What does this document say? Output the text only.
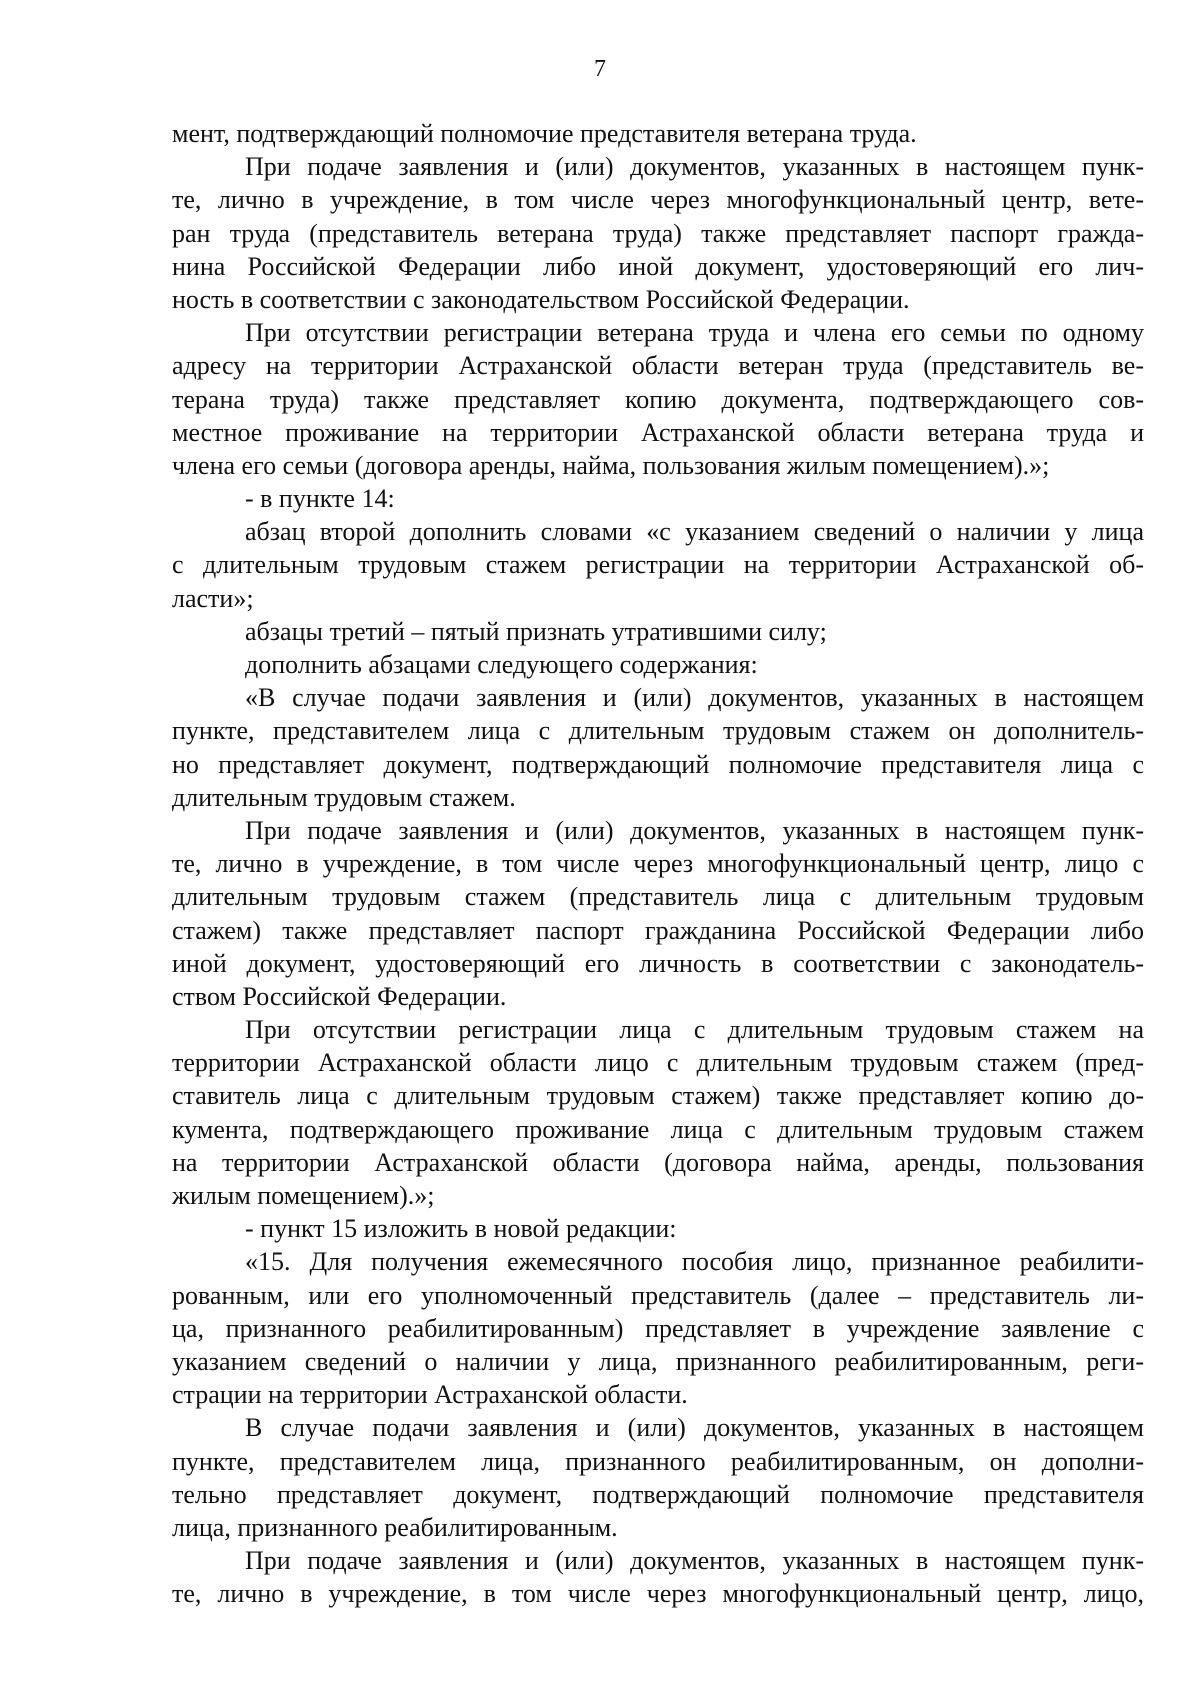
7
мент, подтверждающий полномочие представителя ветерана труда.
При подаче заявления и (или) документов, указанных в настоящем пунк-
те, лично в учреждение, в том числе через многофункциональный центр, вете-
ран труда (представитель ветерана труда) также представляет паспорт гражда-
нина Российской Федерации либо иной документ, удостоверяющий его лич-
ность в соответствии с законодательством Российской Федерации.
При отсутствии регистрации ветерана труда и члена его семьи по одному
адресу на территории Астраханской области ветеран труда (представитель ве-
терана труда) также представляет копию документа, подтверждающего сов-
местное проживание на территории Астраханской области ветерана труда и
члена его семьи (договора аренды, найма, пользования жилым помещением).»;
- в пункте 14:
абзац второй дополнить словами «с указанием сведений о наличии у лица
с длительным трудовым стажем регистрации на территории Астраханской об-
ласти»;
абзацы третий – пятый признать утратившими силу;
дополнить абзацами следующего содержания:
«В случае подачи заявления и (или) документов, указанных в настоящем
пункте, представителем лица с длительным трудовым стажем он дополнитель-
но представляет документ, подтверждающий полномочие представителя лица с
длительным трудовым стажем.
При подаче заявления и (или) документов, указанных в настоящем пунк-
те, лично в учреждение, в том числе через многофункциональный центр, лицо с
длительным трудовым стажем (представитель лица с длительным трудовым
стажем) также представляет паспорт гражданина Российской Федерации либо
иной документ, удостоверяющий его личность в соответствии с законодатель-
ством Российской Федерации.
При отсутствии регистрации лица с длительным трудовым стажем на
территории Астраханской области лицо с длительным трудовым стажем (пред-
ставитель лица с длительным трудовым стажем) также представляет копию до-
кумента, подтверждающего проживание лица с длительным трудовым стажем
на территории Астраханской области (договора найма, аренды, пользования
жилым помещением).»;
- пункт 15 изложить в новой редакции:
«15. Для получения ежемесячного пособия лицо, признанное реабилити-
рованным, или его уполномоченный представитель (далее – представитель ли-
ца, признанного реабилитированным) представляет в учреждение заявление с
указанием сведений о наличии у лица, признанного реабилитированным, реги-
страции на территории Астраханской области.
В случае подачи заявления и (или) документов, указанных в настоящем
пункте, представителем лица, признанного реабилитированным, он дополни-
тельно представляет документ, подтверждающий полномочие представителя
лица, признанного реабилитированным.
При подаче заявления и (или) документов, указанных в настоящем пунк-
те, лично в учреждение, в том числе через многофункциональный центр, лицо,
